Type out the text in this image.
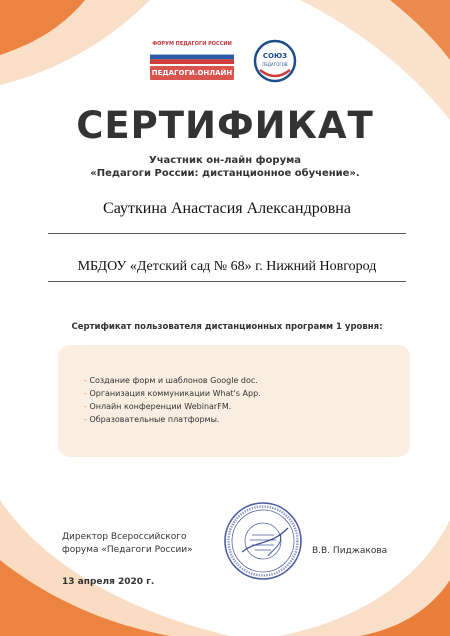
ФОРУМ ПЕДАГОГИ РОССИИ
ПЕДАГОГИ.ОНЛАЙН
СОЮЗ
ПЕДАГОГОВ
СЕРТИФИКАТ
Участник он-лайн форума
«Педагоги России: дистанционное обучение».
Сауткина Анастасия Александровна
МБДОУ «Детский сад № 68» г. Нижний Новгород
Сертификат пользователя дистанционных программ 1 уровня:
- Создание форм и шаблонов Google doc.
- Организация коммуникации What's App.
- Онлайн конференции WebinarFM.
- Образовательные платформы.
Директор Всероссийского
форума «Педагоги России»	В.В. Пиджакова
13 апреля 2020 г.
